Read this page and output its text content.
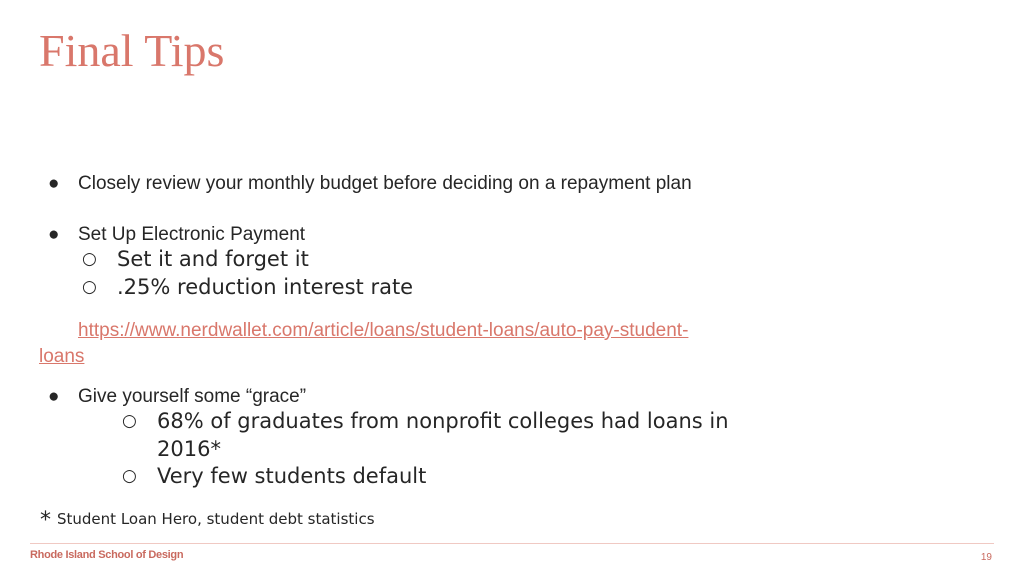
Final Tips
● Closely review your monthly budget before deciding on a repayment plan
● Set Up Electronic Payment
○ Set it and forget it
○ .25% reduction interest rate
https://www.nerdwallet.com/article/loans/student-loans/auto-pay-student-loans
● Give yourself some “grace”
○ 68% of graduates from nonprofit colleges had loans in 2016*
○ Very few students default
* Student Loan Hero, student debt statistics
Rhode Island School of Design	19
